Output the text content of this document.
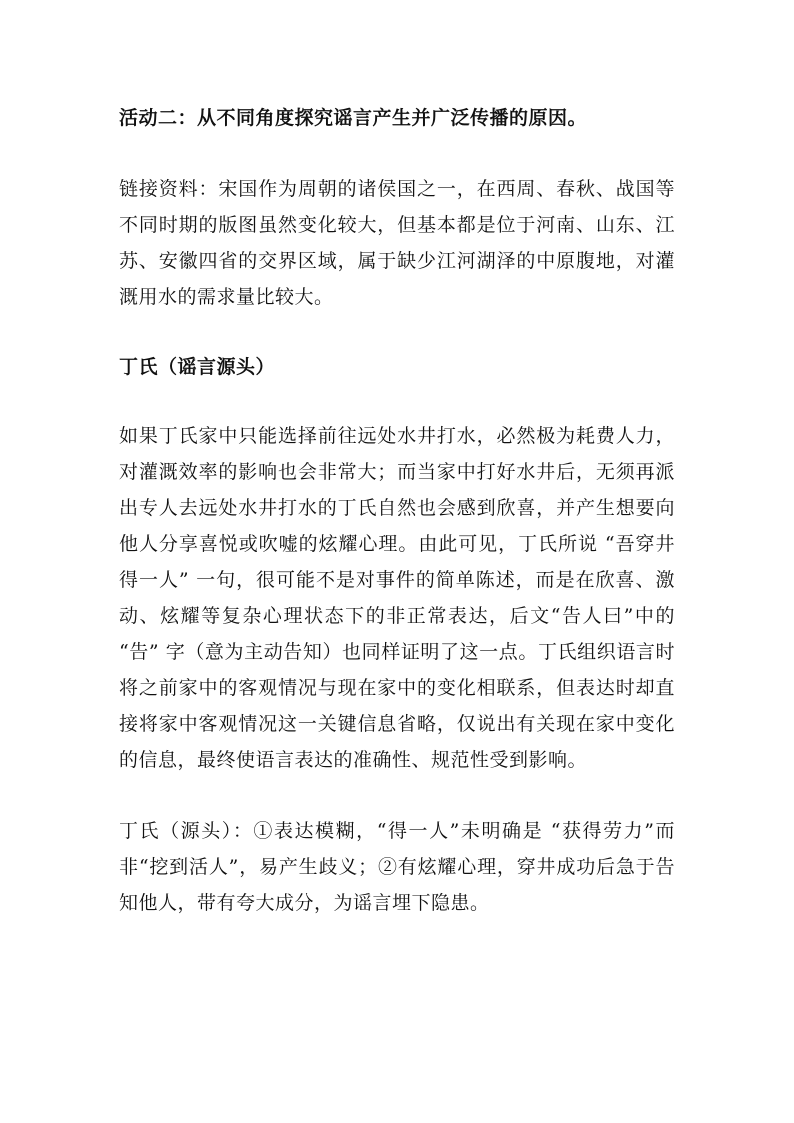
活动二：从不同角度探究谣言产生并广泛传播的原因。

链接资料：宋国作为周朝的诸侯国之一，在西周、春秋、战国等不同时期的版图虽然变化较大，但基本都是位于河南、山东、江苏、安徽四省的交界区域，属于缺少江河湖泽的中原腹地，对灌溉用水的需求量比较大。

丁氏（谣言源头）

如果丁氏家中只能选择前往远处水井打水，必然极为耗费人力，对灌溉效率的影响也会非常大；而当家中打好水井后，无须再派出专人去远处水井打水的丁氏自然也会感到欣喜，并产生想要向他人分享喜悦或吹嘘的炫耀心理。由此可见，丁氏所说 “吾穿井得一人” 一句，很可能不是对事件的简单陈述，而是在欣喜、激动、炫耀等复杂心理状态下的非正常表达，后文“告人曰”中的 “告” 字（意为主动告知）也同样证明了这一点。丁氏组织语言时将之前家中的客观情况与现在家中的变化相联系，但表达时却直接将家中客观情况这一关键信息省略，仅说出有关现在家中变化的信息，最终使语言表达的准确性、规范性受到影响。

丁氏（源头）：①表达模糊，“得一人”未明确是 “获得劳力”而非“挖到活人”，易产生歧义；②有炫耀心理，穿井成功后急于告知他人，带有夸大成分，为谣言埋下隐患。
